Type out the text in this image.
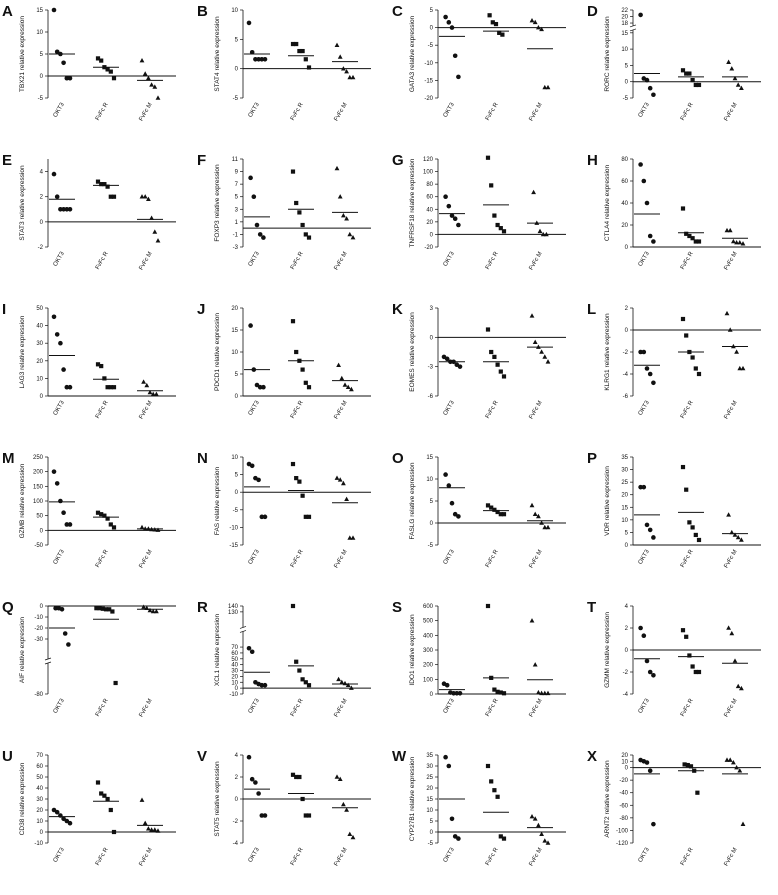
A
TBX21 relative expression
-5
0
5
10
15
OKT3	FvFc R	FvFc M
B
STAT4 relative expression
-5
0
5
10
OKT3	FvFc R	FvFc M
C
GATA3 relative expression
-20
-15
-10
-5
0
5
OKT3	FvFc R	FvFc M
D
RORC relative expression
-5
0
5
10
15
18
20
22
OKT3	FvFc R	FvFc M
E
STAT3 relative expression
-2
0
2
4
OKT3	FvFc R	FvFc M
F
FOXP3 relative expression
-3
-1
1
3
5
7
9
11
OKT3	FvFc R	FvFc M
G TNFRSF18 relative expression
-20
0
20
40
60
80
100
120
OKT3	FvFc R	FvFc M
H
CTLA4 relative expression
0
20
40
60
80
OKT3	FvFc R	FvFc M
I
LAG3 relative expression
0
10
20
30
40
50
OKT3	FvFc R	FvFc M
J
PDCD1 relative expression
0
5
10
15
20
OKT3	FvFc R	FvFc M
K
EOMES relative expression
-6
-3
0
3
OKT3	FvFc R	FvFc M
L
KLRG1 relative expression
-6
-4
-2
0
2
OKT3	FvFc R	FvFc M
M
GZMB relative expression
-50
0
50
100
150
200
250
OKT3	FvFc R	FvFc M
N
FAS relative expression
-15
-10
-5
0
5
10
OKT3	FvFc R	FvFc M
O
FASLG relative expression
-5
0
5
10
15
OKT3	FvFc R	FvFc M
P
VDR relative expression
0
5
10
15
20
25
30
35
OKT3	FvFc R	FvFc M
Q
AIF relative expression
-80
-30
-20
-10
0
OKT3	FvFc R	FvFc M
R
XCL1 relative expression
-10
0
10
20
30
40
50
60
70
130
140
OKT3	FvFc R	FvFc M
S
IDO1 relative expression
0
100
200
300
400
500
600
OKT3	FvFc R	FvFc M
T
GZMM relative expression
-4
-2
0
2
4
OKT3	FvFc R	FvFc M
U
CD38 relative expression
-10
0
10
20
30
40
50
60
70
OKT3	FvFc R	FvFc M
V
STAT5 relative expression
-4
-2
0
2
4
OKT3	FvFc R	FvFc M
W
CYP27B1 relative expression
-5
0
5
10
15
20
25
30
35
OKT3	FvFc R	FvFc M
X
ARNT2 relative expression
-120
-100
-80
-60
-40
-20
0
10
20
OKT3	FvFc R	FvFc M
